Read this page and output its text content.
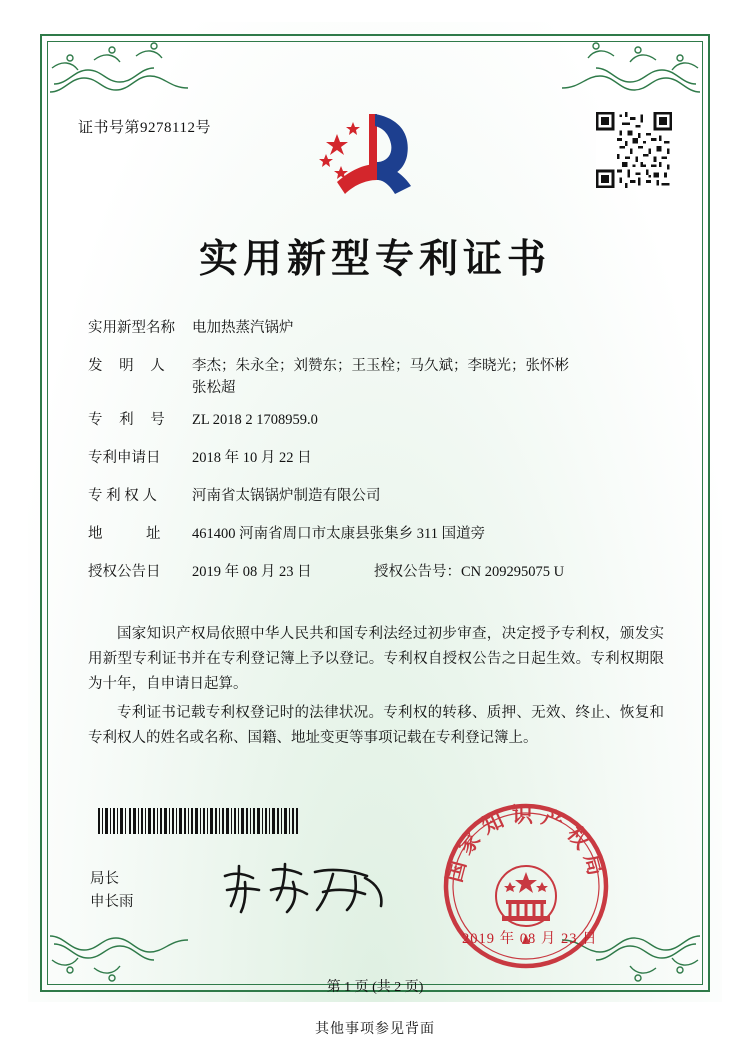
证书号第9278112号
实用新型专利证书
实用新型名称 电加热蒸汽锅炉
发 明 人 李杰；朱永全；刘赞东；王玉栓；马久斌；李晓光；张怀彬
张松超
专 利 号 ZL 2018 2 1708959.0
专利申请日 2018 年 10 月 22 日
专 利 权 人 河南省太锅锅炉制造有限公司
地　　　址 461400 河南省周口市太康县张集乡 311 国道旁
授权公告日 2019 年 08 月 23 日	授权公告号：CN 209295075 U

国家知识产权局依照中华人民共和国专利法经过初步审查，决定授予专利权，颁发实用新型专利证书并在专利登记簿上予以登记。专利权自授权公告之日起生效。专利权期限为十年，自申请日起算。

专利证书记载专利权登记时的法律状况。专利权的转移、质押、无效、终止、恢复和专利权人的姓名或名称、国籍、地址变更等事项记载在专利登记簿上。

局长
申长雨
国家知识产权局
2019 年 08 月 23 日
第 1 页 (共 2 页)
其他事项参见背面
